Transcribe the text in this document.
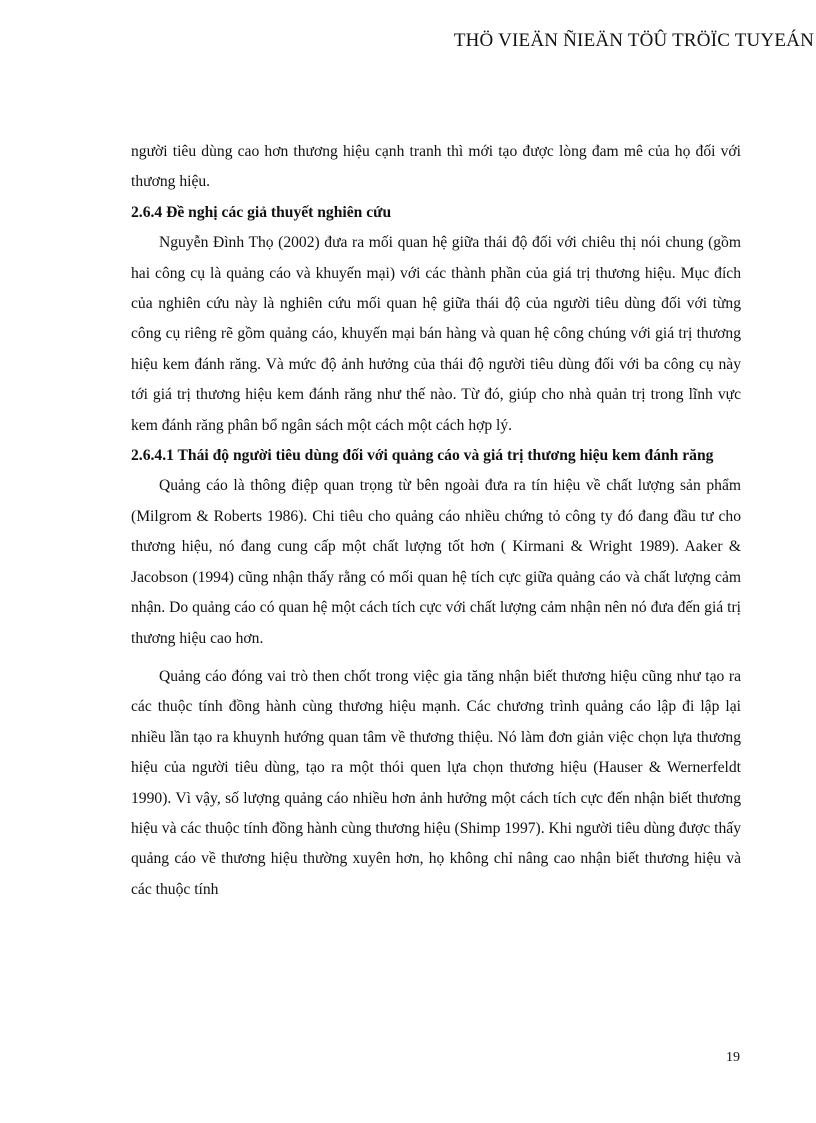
THÖ VIEÄN ÑIEÄN TÖÛ TRÖÏC TUYEÁN

người tiêu dùng cao hơn thương hiệu cạnh tranh thì mới tạo được lòng đam mê của họ đối với thương hiệu.

2.6.4 Đề nghị các giả thuyết nghiên cứu

Nguyễn Đình Thọ (2002) đưa ra mối quan hệ giữa thái độ đối với chiêu thị nói chung (gồm hai công cụ là quảng cáo và khuyến mại) với các thành phần của giá trị thương hiệu. Mục đích của nghiên cứu này là nghiên cứu mối quan hệ giữa thái độ của người tiêu dùng đối với từng công cụ riêng rẽ gồm quảng cáo, khuyến mại bán hàng và quan hệ công chúng với giá trị thương hiệu kem đánh răng. Và mức độ ảnh hưởng của thái độ người tiêu dùng đối với ba công cụ này tới giá trị thương hiệu kem đánh răng như thế nào. Từ đó, giúp cho nhà quản trị trong lĩnh vực kem đánh răng phân bổ ngân sách một cách một cách hợp lý.

2.6.4.1 Thái độ người tiêu dùng đối với quảng cáo và giá trị thương hiệu kem đánh răng

Quảng cáo là thông điệp quan trọng từ bên ngoài đưa ra tín hiệu về chất lượng sản phẩm (Milgrom & Roberts 1986). Chi tiêu cho quảng cáo nhiều chứng tỏ công ty đó đang đầu tư cho thương hiệu, nó đang cung cấp một chất lượng tốt hơn ( Kirmani & Wright 1989). Aaker & Jacobson (1994) cũng nhận thấy rằng có mối quan hệ tích cực giữa quảng cáo và chất lượng cảm nhận. Do quảng cáo có quan hệ một cách tích cực với chất lượng cảm nhận nên nó đưa đến giá trị thương hiệu cao hơn.

Quảng cáo đóng vai trò then chốt trong việc gia tăng nhận biết thương hiệu cũng như tạo ra các thuộc tính đồng hành cùng thương hiệu mạnh. Các chương trình quảng cáo lập đi lập lại nhiều lần tạo ra khuynh hướng quan tâm về thương thiệu. Nó làm đơn giản việc chọn lựa thương hiệu của người tiêu dùng, tạo ra một thói quen lựa chọn thương hiệu (Hauser & Wernerfeldt 1990). Vì vậy, số lượng quảng cáo nhiều hơn ảnh hưởng một cách tích cực đến nhận biết thương hiệu và các thuộc tính đồng hành cùng thương hiệu (Shimp 1997). Khi người tiêu dùng được thấy quảng cáo về thương hiệu thường xuyên hơn, họ không chỉ nâng cao nhận biết thương hiệu và các thuộc tính

19
